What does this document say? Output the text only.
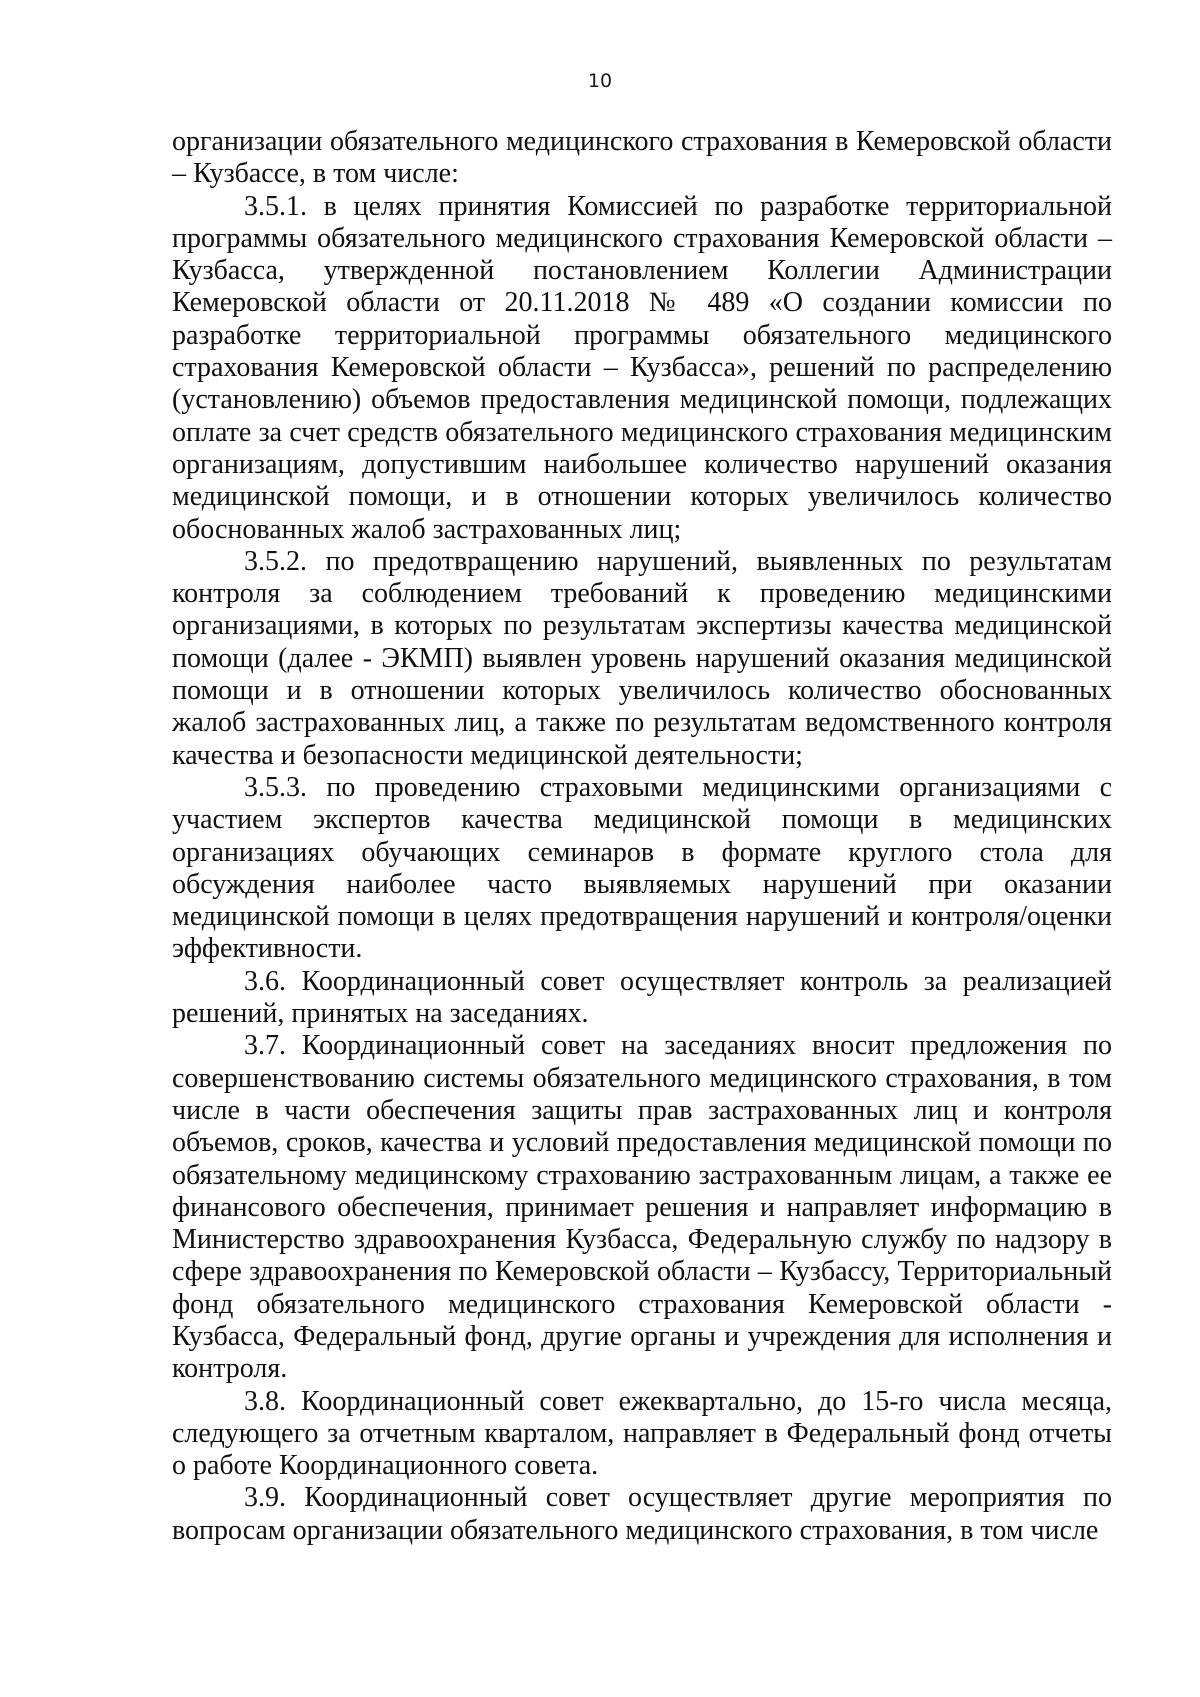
10

организации обязательного медицинского страхования в Кемеровской области – Кузбассе, в том числе:

3.5.1. в целях принятия Комиссией по разработке территориальной программы обязательного медицинского страхования Кемеровской области – Кузбасса, утвержденной постановлением Коллегии Администрации Кемеровской области от 20.11.2018 № 489 «О создании комиссии по разработке территориальной программы обязательного медицинского страхования Кемеровской области – Кузбасса», решений по распределению (установлению) объемов предоставления медицинской помощи, подлежащих оплате за счет средств обязательного медицинского страхования медицинским организациям, допустившим наибольшее количество нарушений оказания медицинской помощи, и в отношении которых увеличилось количество обоснованных жалоб застрахованных лиц;

3.5.2. по предотвращению нарушений, выявленных по результатам контроля за соблюдением требований к проведению медицинскими организациями, в которых по результатам экспертизы качества медицинской помощи (далее - ЭКМП) выявлен уровень нарушений оказания медицинской помощи и в отношении которых увеличилось количество обоснованных жалоб застрахованных лиц, а также по результатам ведомственного контроля качества и безопасности медицинской деятельности;

3.5.3. по проведению страховыми медицинскими организациями с участием экспертов качества медицинской помощи в медицинских организациях обучающих семинаров в формате круглого стола для обсуждения наиболее часто выявляемых нарушений при оказании медицинской помощи в целях предотвращения нарушений и контроля/оценки эффективности.

3.6. Координационный совет осуществляет контроль за реализацией решений, принятых на заседаниях.

3.7. Координационный совет на заседаниях вносит предложения по совершенствованию системы обязательного медицинского страхования, в том числе в части обеспечения защиты прав застрахованных лиц и контроля объемов, сроков, качества и условий предоставления медицинской помощи по обязательному медицинскому страхованию застрахованным лицам, а также ее финансового обеспечения, принимает решения и направляет информацию в Министерство здравоохранения Кузбасса, Федеральную службу по надзору в сфере здравоохранения по Кемеровской области – Кузбассу, Территориальный фонд обязательного медицинского страхования Кемеровской области - Кузбасса, Федеральный фонд, другие органы и учреждения для исполнения и контроля.

3.8. Координационный совет ежеквартально, до 15-го числа месяца, следующего за отчетным кварталом, направляет в Федеральный фонд отчеты о работе Координационного совета.

3.9. Координационный совет осуществляет другие мероприятия по вопросам организации обязательного медицинского страхования, в том числе
